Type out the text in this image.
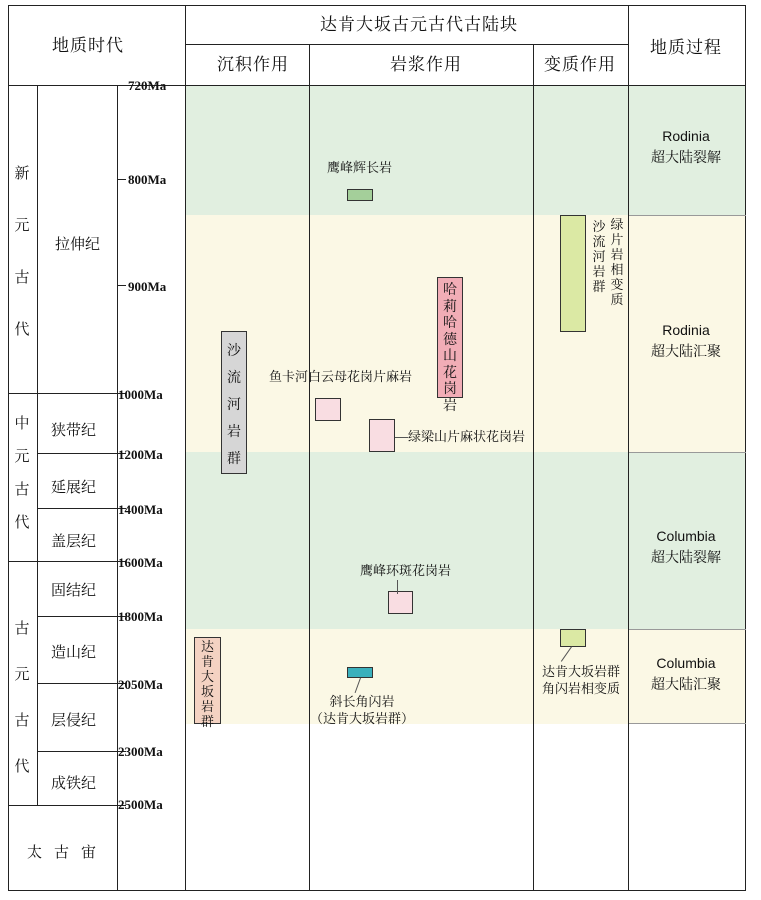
地质时代
达肯大坂古元古代古陆块
沉积作用	岩浆作用	变质作用
地质过程
新元古代
中元古代
古元古代
太古宙
拉伸纪
狭带纪
延展纪
盖层纪
固结纪
造山纪
层侵纪
成铁纪
720Ma
800Ma
900Ma
1000Ma
1200Ma
1400Ma
1600Ma
1800Ma
2050Ma
2300Ma
2500Ma
Rodinia
超大陆裂解
Rodinia
超大陆汇聚
Columbia
超大陆裂解
Columbia
超大陆汇聚
鹰峰辉长岩
沙流河岩群
哈莉哈德山花岗岩
鱼卡河白云母花岗片麻岩
绿梁山片麻状花岗岩
鹰峰环斑花岗岩
沙流河岩群
绿片岩相变质
达肯大坂岩群
斜长角闪岩
（达肯大坂岩群）
达肯大坂岩群
角闪岩相变质
